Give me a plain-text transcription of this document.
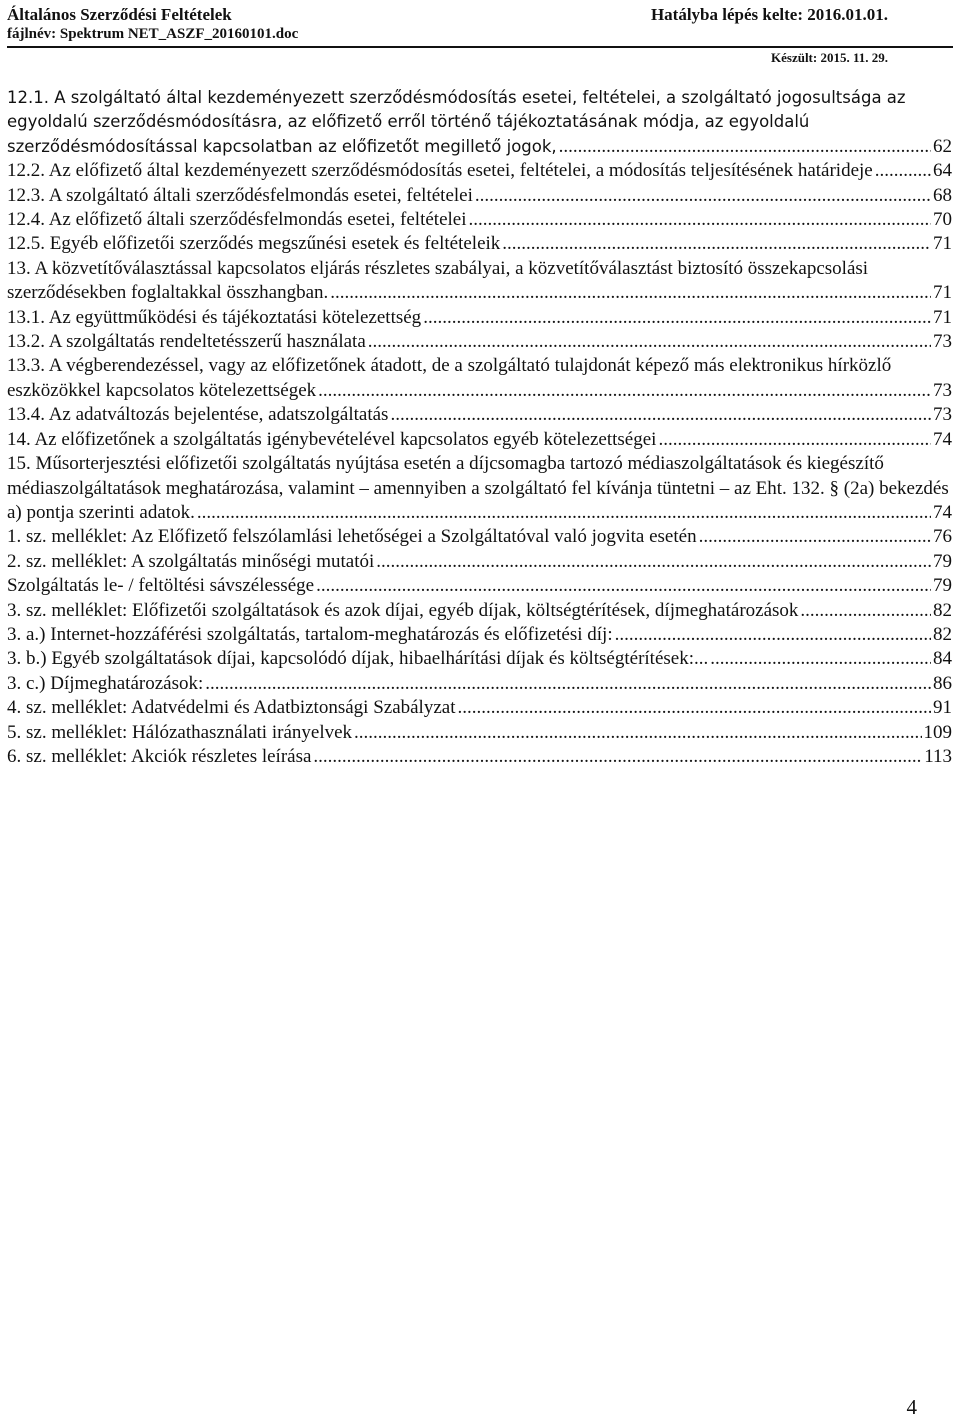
Általános Szerződési Feltételek
fájlnév: Spektrum NET_ASZF_20160101.doc
Hatályba lépés kelte: 2016.01.01.
Készült: 2015. 11. 29.
12.1. A szolgáltató által kezdeményezett szerződésmódosítás esetei, feltételei, a szolgáltató jogosultsága az egyoldalú szerződésmódosításra, az előfizető erről történő tájékoztatásának módja, az egyoldalú szerződésmódosítással kapcsolatban az előfizetőt megillető jogok, .....	62
12.2. Az előfizető által kezdeményezett szerződésmódosítás esetei, feltételei, a módosítás teljesítésének határideje .....	64
12.3. A szolgáltató általi szerződésfelmondás esetei, feltételei .....	68
12.4. Az előfizető általi szerződésfelmondás esetei, feltételei .....	70
12.5. Egyéb előfizetői szerződés megszűnési esetek és feltételeik .....	71
13. A közvetítőválasztással kapcsolatos eljárás részletes szabályai, a közvetítőválasztást biztosító összekapcsolási szerződésekben foglaltakkal összhangban. .....	71
13.1. Az együttműködési és tájékoztatási kötelezettség .....	71
13.2. A szolgáltatás rendeltetésszerű használata .....	73
13.3. A végberendezéssel, vagy az előfizetőnek átadott, de a szolgáltató tulajdonát képező más elektronikus hírközlő eszközökkel kapcsolatos kötelezettségek .....	73
13.4. Az adatváltozás bejelentése, adatszolgáltatás .....	73
14. Az előfizetőnek a szolgáltatás igénybevételével kapcsolatos egyéb kötelezettségei .....	74
15. Műsorterjesztési előfizetői szolgáltatás nyújtása esetén a díjcsomagba tartozó médiaszolgáltatások és kiegészítő médiaszolgáltatások meghatározása, valamint – amennyiben a szolgáltató fel kívánja tüntetni – az Eht. 132. § (2a) bekezdés a) pontja szerinti adatok. .....	74
1. sz. melléklet: Az Előfizető felszólamlási lehetőségei a Szolgáltatóval való jogvita esetén .....	76
2. sz. melléklet: A szolgáltatás minőségi mutatói .....	79
Szolgáltatás le- / feltöltési sávszélessége .....	79
3. sz. melléklet: Előfizetői szolgáltatások és azok díjai, egyéb díjak, költségtérítések, díjmeghatározások .....	82
3. a.) Internet-hozzáférési szolgáltatás, tartalom-meghatározás és előfizetési díj: .....	82
3. b.) Egyéb szolgáltatások díjai, kapcsolódó díjak, hibaelhárítási díjak és költségtérítések:... .....	84
3. c.) Díjmeghatározások: .....	86
4. sz. melléklet: Adatvédelmi és Adatbiztonsági Szabályzat .....	91
5. sz. melléklet: Hálózathasználati irányelvek .....	109
6. sz. melléklet: Akciók részletes leírása .....	113
4
